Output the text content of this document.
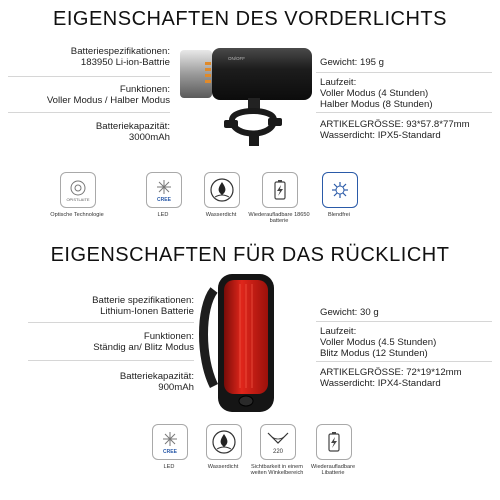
EIGENSCHAFTEN DES VORDERLICHTS
Batteriespezifikationen:
183950 Li-ion-Battrie
Funktionen:
Voller Modus / Halber Modus
Batteriekapazität:
3000mAh
Gewicht: 195 g
Laufzeit:
Voller Modus (4 Stunden)
Halber Modus (8 Stunden)
ARTIKELGRÖSSE: 93*57.8*77mm
Wasserdicht: IPX5-Standard
ON/OFF
OPISTLAITE
Optische Technologie
CREE
LED	Wasserdicht	Wiederaufladbare 18650 batterie
Blendfrei
EIGENSCHAFTEN FÜR DAS RÜCKLICHT
Batterie spezifikationen:
Lithium-Ionen Batterie
Funktionen:
Ständig an/ Blitz Modus
Batteriekapazität:
900mAh
Gewicht: 30 g
Laufzeit:
Voller Modus (4.5 Stunden)
Blitz Modus (12 Stunden)
ARTIKELGRÖSSE: 72*19*12mm
Wasserdicht: IPX4-Standard
CREE
LED	Wasserdicht
220
Sichtbarkeit in einem weiten Winkelbereich
Wiederaufladbare Libatterie
